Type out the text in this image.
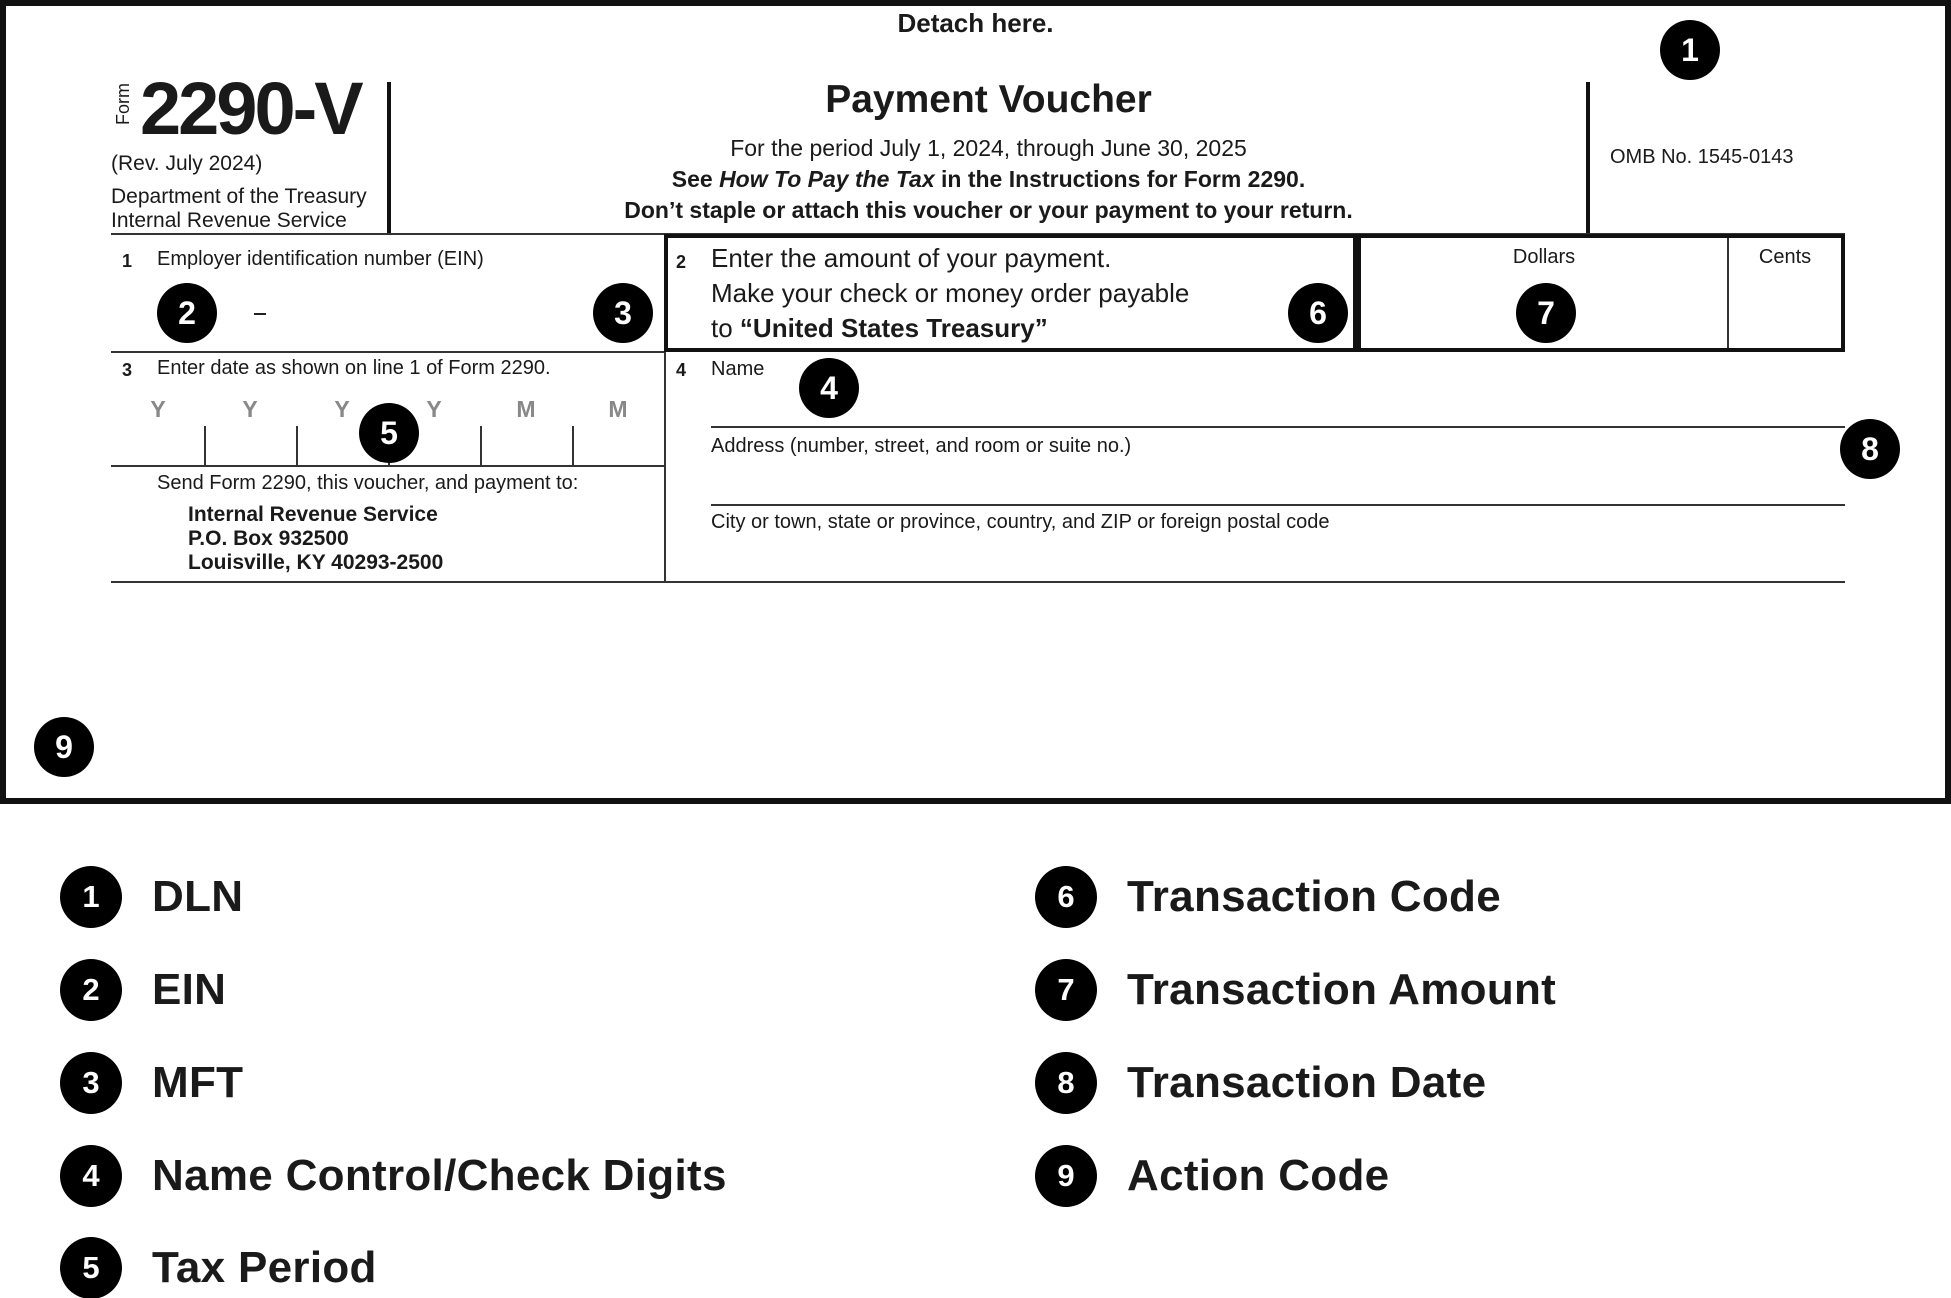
Detach here.
Form 2290-V
(Rev. July 2024)
Department of the Treasury
Internal Revenue Service
Payment Voucher
For the period July 1, 2024, through June 30, 2025
See How To Pay the Tax in the Instructions for Form 2290.
Don’t staple or attach this voucher or your payment to your return.
OMB No. 1545-0143
1 Employer identification number (EIN)	2 Enter the amount of your payment.
Make your check or money order payable
to “United States Treasury”
Dollars	Cents
3 Enter date as shown on line 1 of Form 2290.
Y	Y	Y	Y	M	M
Send Form 2290, this voucher, and payment to:
Internal Revenue Service
P.O. Box 932500
Louisville, KY 40293-2500
4 Name
Address (number, street, and room or suite no.)
City or town, state or province, country, and ZIP or foreign postal code
1
2	3
4
5
6	7
8
9
1	DLN
2	EIN
3	MFT
4	Name Control/Check Digits
5	Tax Period
6	Transaction Code
7	Transaction Amount
8	Transaction Date
9	Action Code
